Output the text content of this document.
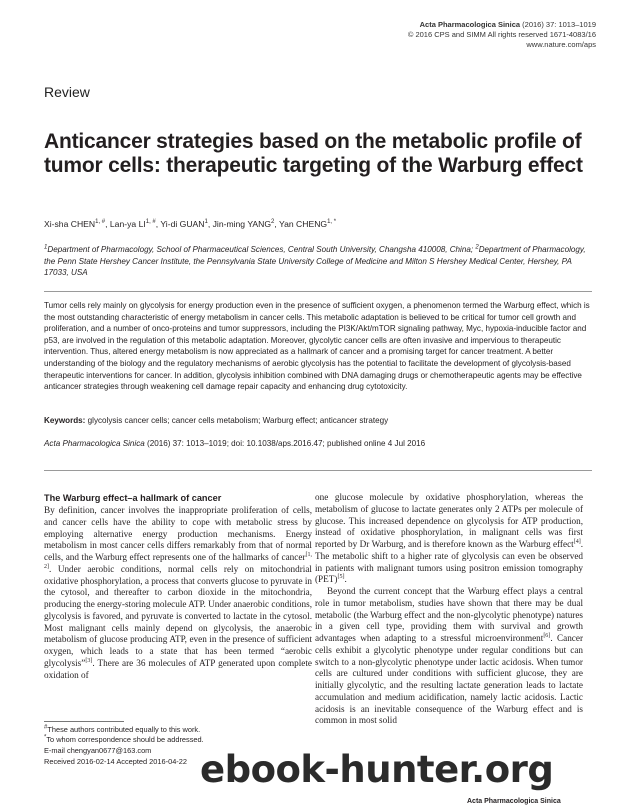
Acta Pharmacologica Sinica (2016) 37: 1013–1019
© 2016 CPS and SIMM All rights reserved 1671-4083/16
www.nature.com/aps
Review
Anticancer strategies based on the metabolic profile of tumor cells: therapeutic targeting of the Warburg effect
Xi-sha $CHEN^{1, \#}$, Lan-ya $LI^{1, \#}$, Yi-di GUAN$^1$, Jin-ming YANG$^2$, Yan $CHENG^{1, *}$
$^1$Department of Pharmacology, School of Pharmaceutical Sciences, Central South University, Changsha 410008, China; $^2$Department of Pharmacology, the Penn State Hershey Cancer Institute, the Pennsylvania State University College of Medicine and Milton S Hershey Medical Center, Hershey, PA 17033, USA
Tumor cells rely mainly on glycolysis for energy production even in the presence of sufficient oxygen, a phenomenon termed the Warburg effect, which is the most outstanding characteristic of energy metabolism in cancer cells. This metabolic adaptation is believed to be critical for tumor cell growth and proliferation, and a number of onco-proteins and tumor suppressors, including the PI3K/Akt/mTOR signaling pathway, Myc, hypoxia-inducible factor and p53, are involved in the regulation of this metabolic adaptation. Moreover, glycolytic cancer cells are often invasive and impervious to therapeutic intervention. Thus, altered energy metabolism is now appreciated as a hallmark of cancer and a promising target for cancer treatment. A better understanding of the biology and the regulatory mechanisms of aerobic glycolysis has the potential to facilitate the development of glycolysis-based therapeutic interventions for cancer. In addition, glycolysis inhibition combined with DNA damaging drugs or chemotherapeutic agents may be effective anticancer strategies through weakening cell damage repair capacity and enhancing drug cytotoxicity.
Keywords: glycolysis cancer cells; cancer cells metabolism; Warburg effect; anticancer strategy
Acta Pharmacologica Sinica (2016) 37: 1013–1019; doi: 10.1038/aps.2016.47; published online 4 Jul 2016
The Warburg effect–a hallmark of cancer

By definition, cancer involves the inappropriate proliferation of cells, and cancer cells have the ability to cope with metabolic stress by employing alternative energy production mechanisms. Energy metabolism in most cancer cells differs remarkably from that of normal cells, and the Warburg effect represents one of the hallmarks of cancer[1, 2]. Under aerobic conditions, normal cells rely on mitochondrial oxidative phosphorylation, a process that converts glucose to pyruvate in the cytosol, and thereafter to carbon dioxide in the mitochondria, producing the energy-storing molecule ATP. Under anaerobic conditions, glycolysis is favored, and pyruvate is converted to lactate in the cytosol. Most malignant cells mainly depend on glycolysis, the anaerobic metabolism of glucose producing ATP, even in the presence of sufficient oxygen, which leads to a state that has been termed “aerobic glycolysis”[3]. There are 36 molecules of ATP generated upon complete oxidation of

one glucose molecule by oxidative phosphorylation, whereas the metabolism of glucose to lactate generates only 2 ATPs per molecule of glucose. This increased dependence on glycolysis for ATP production, instead of oxidative phosphorylation, in malignant cells was first reported by Dr Warburg, and is therefore known as the Warburg effect[4]. The metabolic shift to a higher rate of glycolysis can even be observed in patients with malignant tumors using positron emission tomography (PET)[5].

Beyond the current concept that the Warburg effect plays a central role in tumor metabolism, studies have shown that there may be dual metabolic (the Warburg effect and the non-glycolytic phenotype) natures in a given cell type, providing them with survival and growth advantages when adapting to a stressful microenvironment[6]. Cancer cells exhibit a glycolytic phenotype under regular conditions but can switch to a non-glycolytic phenotype under lactic acidosis. When tumor cells are cultured under conditions with sufficient glucose, they are initially glycolytic, and the resulting lactate generation leads to lactate accumulation and medium acidification, namely lactic acidosis. Lactic acidosis is an inevitable consequence of the Warburg effect and is common in most solid

#These authors contributed equally to this work.
*To whom correspondence should be addressed.
E-mail chengyan0677@163.com
Received 2016-02-14 Accepted 2016-04-22 ebook-hunter.org
Acta Pharmacologica Sinica
